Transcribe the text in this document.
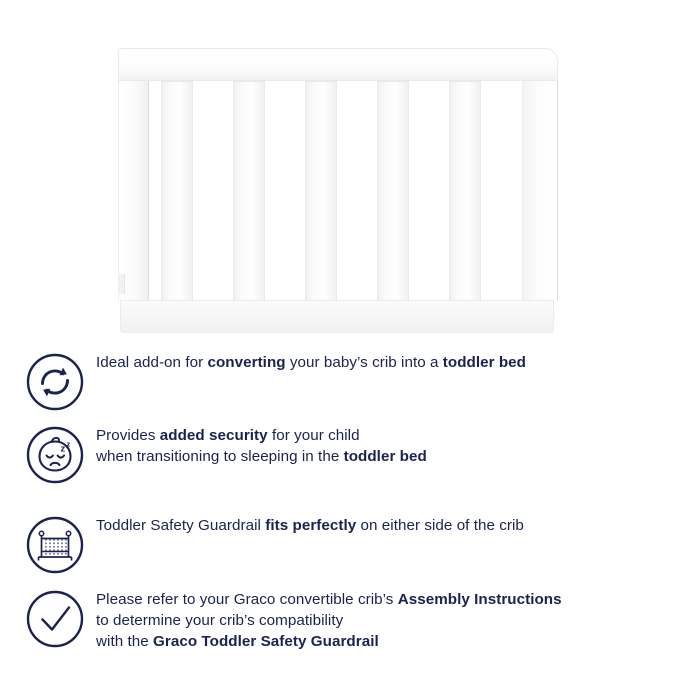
Ideal add-on for converting your baby’s crib into a toddler bed
Provides added security for your child
when transitioning to sleeping in the toddler bed
Toddler Safety Guardrail fits perfectly on either side of the crib
Please refer to your Graco convertible crib’s Assembly Instructions
to determine your crib’s compatibility
with the Graco Toddler Safety Guardrail
